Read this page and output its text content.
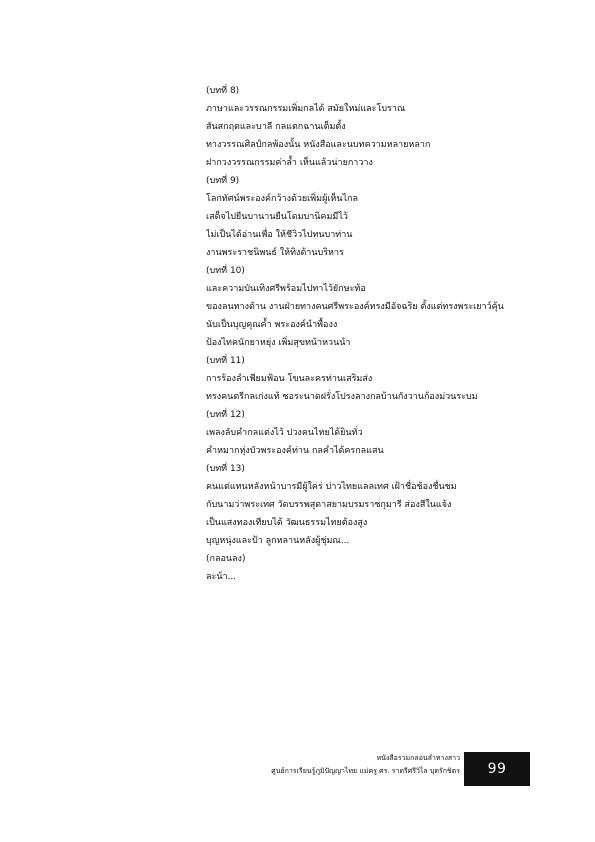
(บทที่ 8)
ภาษาและวรรณกรรมเพิ่มกลได้ สมัยใหม่และโบราณ
สันสกฤตและบาลี กลแตกฉานเต็มตั้ง
ทางวรรณศิลป์กลพ้องนั้น หนังสือและนบทความหลายหลาก
ฝากวงวรรณกรรมค่าล้ำ เห็นแล้วน่ายกาวาง
(บทที่ 9)
โลกทัศน์พระองค์กว้างด้วยเพิ่มผู้เห็นไกล
เสด็จไปยืนบานานยืนโดมบานิคมมีไว้
ไม่เป็นได้อ่านเพื่อ ให้ชีวิวไปทนบาท่าน
งานพระราชนิพนธ์ ให้ทิงด้านบริหาร
(บทที่ 10)
และความบันเทิงศรีพร้อมไปทาไว้ยักษะท้อ
ของลนทางด้าน งานฝ่ายทางคนศรีพระองค์ทรงมีอัจฉริย ตั้งแต่ทรงพระเยาว์คุ้น
นับเป็นบุญคุณค้ำ พระองค์นำพื้องง
ป้องไทคนักยาหยุ่ง เพิ่มสุขทน้าหวนนำ
(บทที่ 11)
การร้องลำเพียมฟ้อน โขนละครท่านเสริมส่ง
ทรงคนตรีกลเก่งแท้ ซอระนาดฝรั่งโปรงลางกลบ้านกังวานก้องม่วนระบม
(บทที่ 12)
เพลงลับคำกลแต่งไว้ ปวงคนไทยได้ยินทั่ว
คำหมากหุ่งบัวพระองค์ท่าน กลคำได้ครกลแสน
(บทที่ 13)
คนแต่แทนหลังหน้าบารมีผู้ใคร่ บ่าวไทยแลลเทศ เฝ้าชื่อช้องชื่นชม
กับนามว่าพระเทศ วัดบรรพสุดาสยามบรมราชกุมารี ส่องสีในแจ้ง
เป็นแสงทองเทียบได้ วัฒนธรรมไทยต้องสูง
บุญหนุ่งและป้า ลูกหลานหลังผู้ชุ่มณ...
(กลอนลง)
ละน้า...
หนังสือรวมกลอนลำทางสาว
ศูนย์การเรียนรู้ภูมิปัญญาไทย แม่ครู ศร. ราตรีศรีวิไล บุตรักชิตร 99
